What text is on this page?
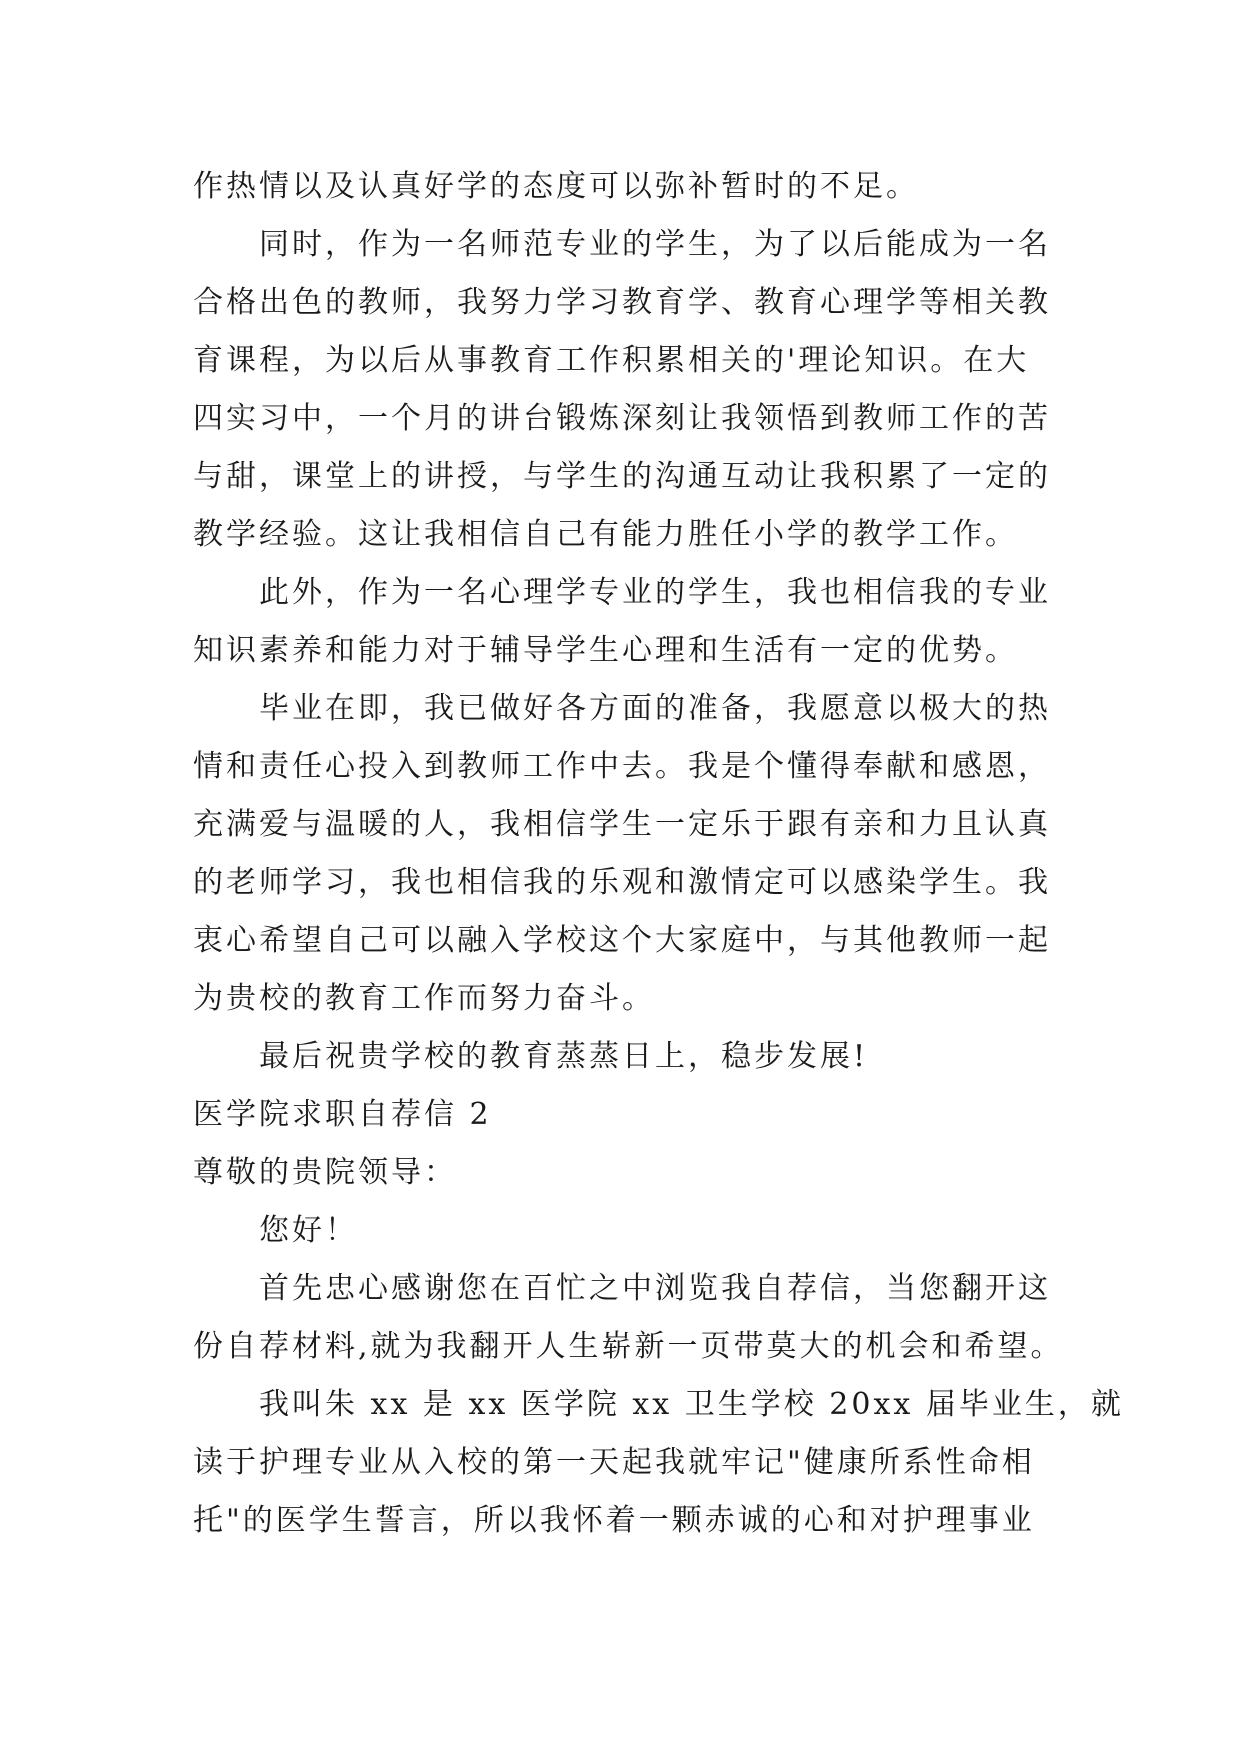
作热情以及认真好学的态度可以弥补暂时的不足。
同时，作为一名师范专业的学生，为了以后能成为一名
合格出色的教师，我努力学习教育学、教育心理学等相关教
育课程，为以后从事教育工作积累相关的'理论知识。在大
四实习中，一个月的讲台锻炼深刻让我领悟到教师工作的苦
与甜，课堂上的讲授，与学生的沟通互动让我积累了一定的
教学经验。这让我相信自己有能力胜任小学的教学工作。
此外，作为一名心理学专业的学生，我也相信我的专业
知识素养和能力对于辅导学生心理和生活有一定的优势。
毕业在即，我已做好各方面的准备，我愿意以极大的热
情和责任心投入到教师工作中去。我是个懂得奉献和感恩，
充满爱与温暖的人，我相信学生一定乐于跟有亲和力且认真
的老师学习，我也相信我的乐观和激情定可以感染学生。我
衷心希望自己可以融入学校这个大家庭中，与其他教师一起
为贵校的教育工作而努力奋斗。
最后祝贵学校的教育蒸蒸日上，稳步发展!
医学院求职自荐信 2
尊敬的贵院领导：
您好！
首先忠心感谢您在百忙之中浏览我自荐信，当您翻开这
份自荐材料,就为我翻开人生崭新一页带莫大的机会和希望。
我叫朱 xx 是 xx 医学院 xx 卫生学校 20xx 届毕业生，就
读于护理专业从入校的第一天起我就牢记"健康所系性命相
托"的医学生誓言，所以我怀着一颗赤诚的心和对护理事业
